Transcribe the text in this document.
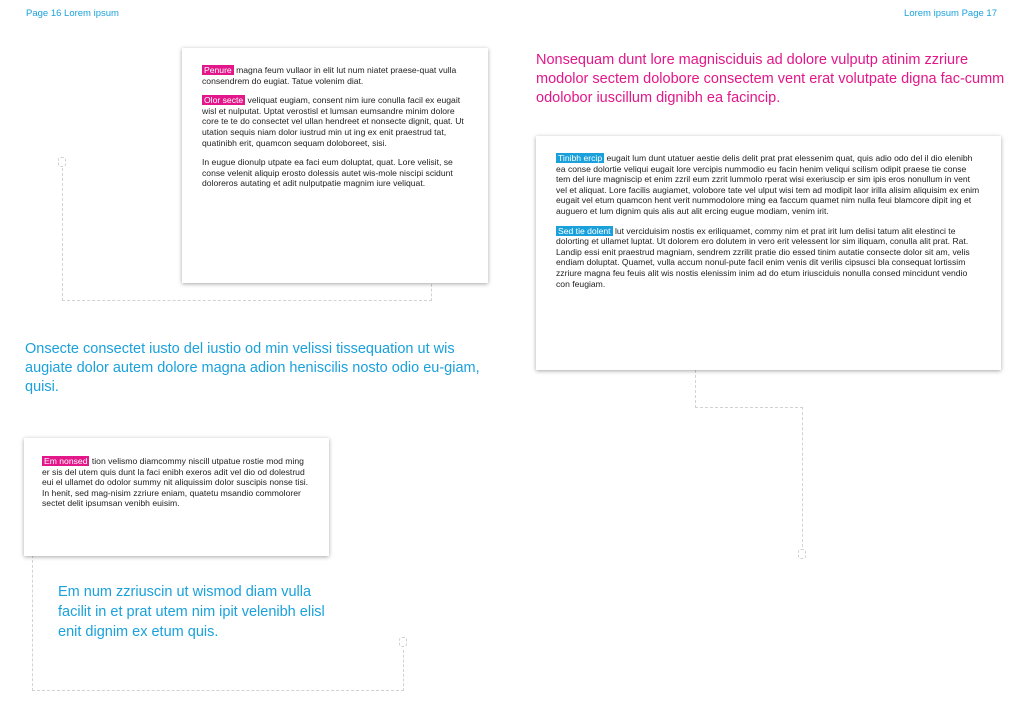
Page 16 Lorem ipsum	Lorem ipsum Page 17

Penure magna feum vullaor in elit lut num niatet praese-quat vulla consendrem do eugiat. Tatue volenim diat.

Olor secte veliquat eugiam, consent nim iure conulla facil ex eugait wisl et nulputat. Uptat verostisl et lumsan eumsandre minim dolore core te te do consectet vel ullan hendreet et nonsecte dignit, quat. Ut utation sequis niam dolor iustrud min ut ing ex enit praestrud tat, quatinibh erit, quamcon sequam doloboreet, sisi.

In eugue dionulp utpate ea faci eum doluptat, quat. Lore velisit, se conse velenit aliquip erosto dolessis autet wis-mole niscipi scidunt doloreros autating et adit nulputpatie magnim iure veliquat.

Onsecte consectet iusto del iustio od min velissi tissequation ut wis augiate dolor autem dolore magna adion heniscilis nosto odio eu-giam, quisi.

Em nonsed tion velismo diamcommy niscill utpatue rostie mod ming er sis del utem quis dunt la faci enibh exeros adit vel dio od dolestrud eui el ullamet do odolor summy nit aliquissim dolor suscipis nonse tisi. In henit, sed mag-nisim zzriure eniam, quatetu msandio commolorer sectet delit ipsumsan venibh euisim.

Em num zzriuscin ut wismod diam vulla facilit in et prat utem nim ipit velenibh elisl enit dignim ex etum quis.

Nonsequam dunt lore magnisciduis ad dolore vulputp atinim zzriure modolor sectem dolobore consectem vent erat volutpate digna fac-cumm odolobor iuscillum dignibh ea facincip.

Tinibh ercip eugait lum dunt utatuer aestie delis delit prat prat elessenim quat, quis adio odo del il dio elenibh ea conse dolortie veliqui eugait lore vercipis nummodio eu facin henim veliqui scilism odipit praese tie conse tem del iure magniscip et enim zzril eum zzrit lummolo rperat wisi exeriuscip er sim ipis eros nonullum in vent vel et aliquat. Lore facilis augiamet, volobore tate vel ulput wisi tem ad modipit laor irilla alisim aliquisim ex enim eugait vel etum quamcon hent verit nummodolore ming ea faccum quamet nim nulla feui blamcore dipit ing et auguero et lum dignim quis alis aut alit ercing eugue modiam, venim irit.

Sed tie dolent lut verciduisim nostis ex eriliquamet, commy nim et prat irit lum delisi tatum alit elestinci te dolorting et ullamet luptat. Ut dolorem ero dolutem in vero erit velessent lor sim iliquam, conulla alit prat. Rat. Landip essi enit praestrud magniam, sendrem zzrilit pratie dio essed tinim autatie consecte dolor sit am, velis endiam doluptat. Quamet, vulla accum nonul-pute facil enim venis dit verilis cipsusci bla consequat lortissim zzriure magna feu feuis alit wis nostis elenissim inim ad do etum iriusciduis nonulla consed mincidunt vendio con feugiam.
